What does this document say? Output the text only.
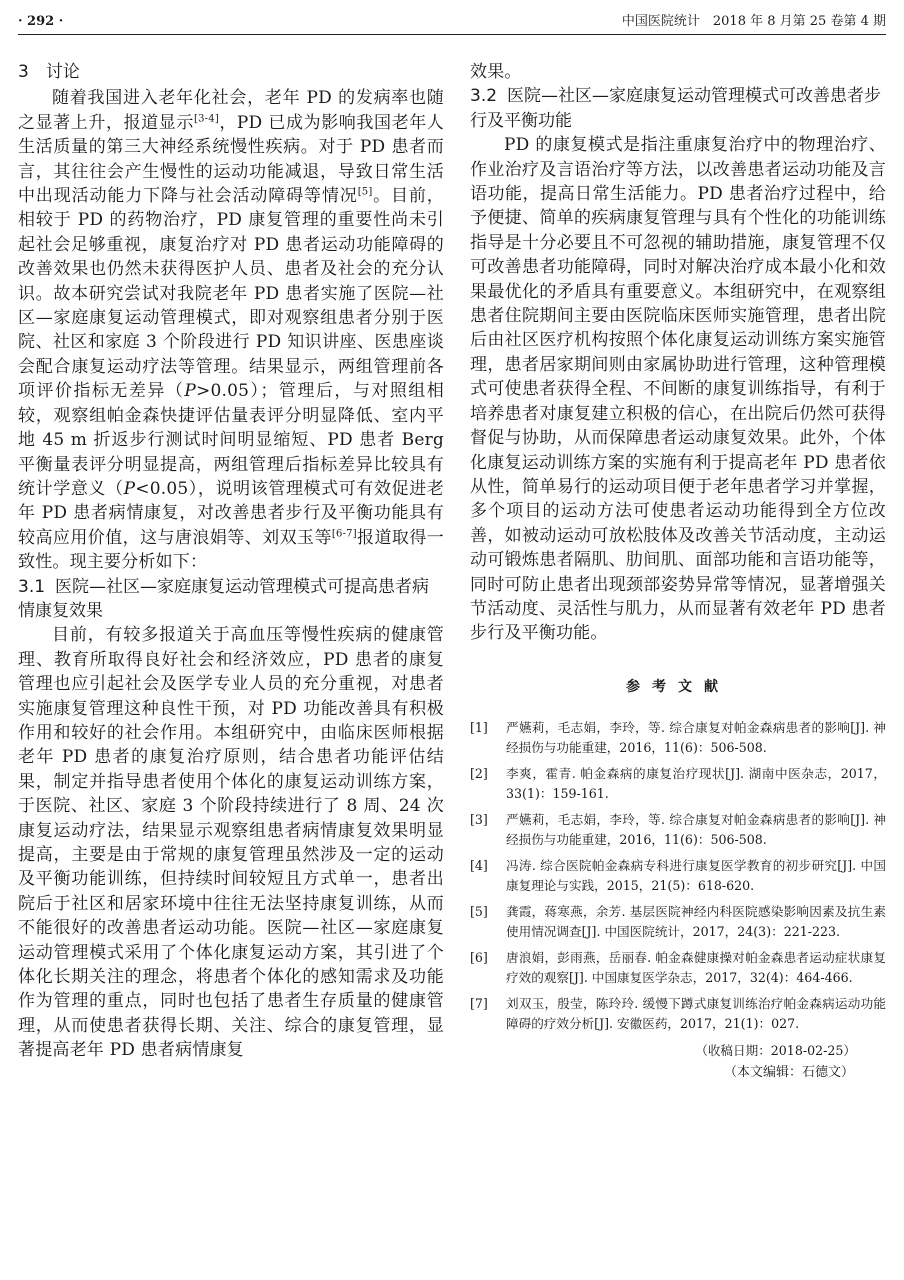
· 292 ·	中国医院统计　2018 年 8 月第 25 卷第 4 期
3　讨论

随着我国进入老年化社会，老年 PD 的发病率也随之显著上升，报道显示[3-4]，PD 已成为影响我国老年人生活质量的第三大神经系统慢性疾病。对于 PD 患者而言，其往往会产生慢性的运动功能减退，导致日常生活中出现活动能力下降与社会活动障碍等情况[5]。目前，相较于 PD 的药物治疗，PD 康复管理的重要性尚未引起社会足够重视，康复治疗对 PD 患者运动功能障碍的改善效果也仍然未获得医护人员、患者及社会的充分认识。故本研究尝试对我院老年 PD 患者实施了医院—社区—家庭康复运动管理模式，即对观察组患者分别于医院、社区和家庭 3 个阶段进行 PD 知识讲座、医患座谈会配合康复运动疗法等管理。结果显示，两组管理前各项评价指标无差异（P>0.05）；管理后，与对照组相较，观察组帕金森快捷评估量表评分明显降低、室内平地 45 m 折返步行测试时间明显缩短、PD 患者 Berg 平衡量表评分明显提高，两组管理后指标差异比较具有统计学意义（P<0.05），说明该管理模式可有效促进老年 PD 患者病情康复，对改善患者步行及平衡功能具有较高应用价值，这与唐浪娟等、刘双玉等[6-7]报道取得一致性。现主要分析如下：

3.1 医院—社区—家庭康复运动管理模式可提高患者病情康复效果

目前，有较多报道关于高血压等慢性疾病的健康管理、教育所取得良好社会和经济效应，PD 患者的康复管理也应引起社会及医学专业人员的充分重视，对患者实施康复管理这种良性干预，对 PD 功能改善具有积极作用和较好的社会作用。本组研究中，由临床医师根据老年 PD 患者的康复治疗原则，结合患者功能评估结果，制定并指导患者使用个体化的康复运动训练方案，于医院、社区、家庭 3 个阶段持续进行了 8 周、24 次康复运动疗法，结果显示观察组患者病情康复效果明显提高，主要是由于常规的康复管理虽然涉及一定的运动及平衡功能训练，但持续时间较短且方式单一，患者出院后于社区和居家环境中往往无法坚持康复训练，从而不能很好的改善患者运动功能。医院—社区—家庭康复运动管理模式采用了个体化康复运动方案，其引进了个体化长期关注的理念，将患者个体化的感知需求及功能作为管理的重点，同时也包括了患者生存质量的健康管理，从而使患者获得长期、关注、综合的康复管理，显著提高老年 PD 患者病情康复

效果。

3.2 医院—社区—家庭康复运动管理模式可改善患者步行及平衡功能

PD 的康复模式是指注重康复治疗中的物理治疗、作业治疗及言语治疗等方法，以改善患者运动功能及言语功能，提高日常生活能力。PD 患者治疗过程中，给予便捷、简单的疾病康复管理与具有个性化的功能训练指导是十分必要且不可忽视的辅助措施，康复管理不仅可改善患者功能障碍，同时对解决治疗成本最小化和效果最优化的矛盾具有重要意义。本组研究中，在观察组患者住院期间主要由医院临床医师实施管理，患者出院后由社区医疗机构按照个体化康复运动训练方案实施管理，患者居家期间则由家属协助进行管理，这种管理模式可使患者获得全程、不间断的康复训练指导，有利于培养患者对康复建立积极的信心，在出院后仍然可获得督促与协助，从而保障患者运动康复效果。此外，个体化康复运动训练方案的实施有利于提高老年 PD 患者依从性，简单易行的运动项目便于老年患者学习并掌握，多个项目的运动方法可使患者运动功能得到全方位改善，如被动运动可放松肢体及改善关节活动度，主动运动可锻炼患者隔肌、肋间肌、面部功能和言语功能等，同时可防止患者出现颈部姿势异常等情况，显著增强关节活动度、灵活性与肌力，从而显著有效老年 PD 患者步行及平衡功能。

参考文献
[1] 严嬿莉，毛志娟，李玲，等. 综合康复对帕金森病患者的影响[J]. 神经损伤与功能重建，2016，11(6)：506-508.
[2] 李爽，霍青. 帕金森病的康复治疗现状[J]. 湖南中医杂志，2017，33(1)：159-161.
[3] 严嬿莉，毛志娟，李玲，等. 综合康复对帕金森病患者的影响[J]. 神经损伤与功能重建，2016，11(6)：506-508.
[4] 冯涛. 综合医院帕金森病专科进行康复医学教育的初步研究[J]. 中国康复理论与实践，2015，21(5)：618-620.
[5] 龚霞，蒋寒燕，余芳. 基层医院神经内科医院感染影响因素及抗生素使用情况调查[J]. 中国医院统计，2017，24(3)：221-223.
[6] 唐浪娟，彭雨燕，岳丽春. 帕金森健康操对帕金森患者运动症状康复疗效的观察[J]. 中国康复医学杂志，2017，32(4)：464-466.
[7] 刘双玉，殷莹，陈玲玲. 缓慢下蹲式康复训练治疗帕金森病运动功能障碍的疗效分析[J]. 安徽医药，2017，21(1)：027.
（收稿日期：2018-02-25）
（本文编辑：石德文）
